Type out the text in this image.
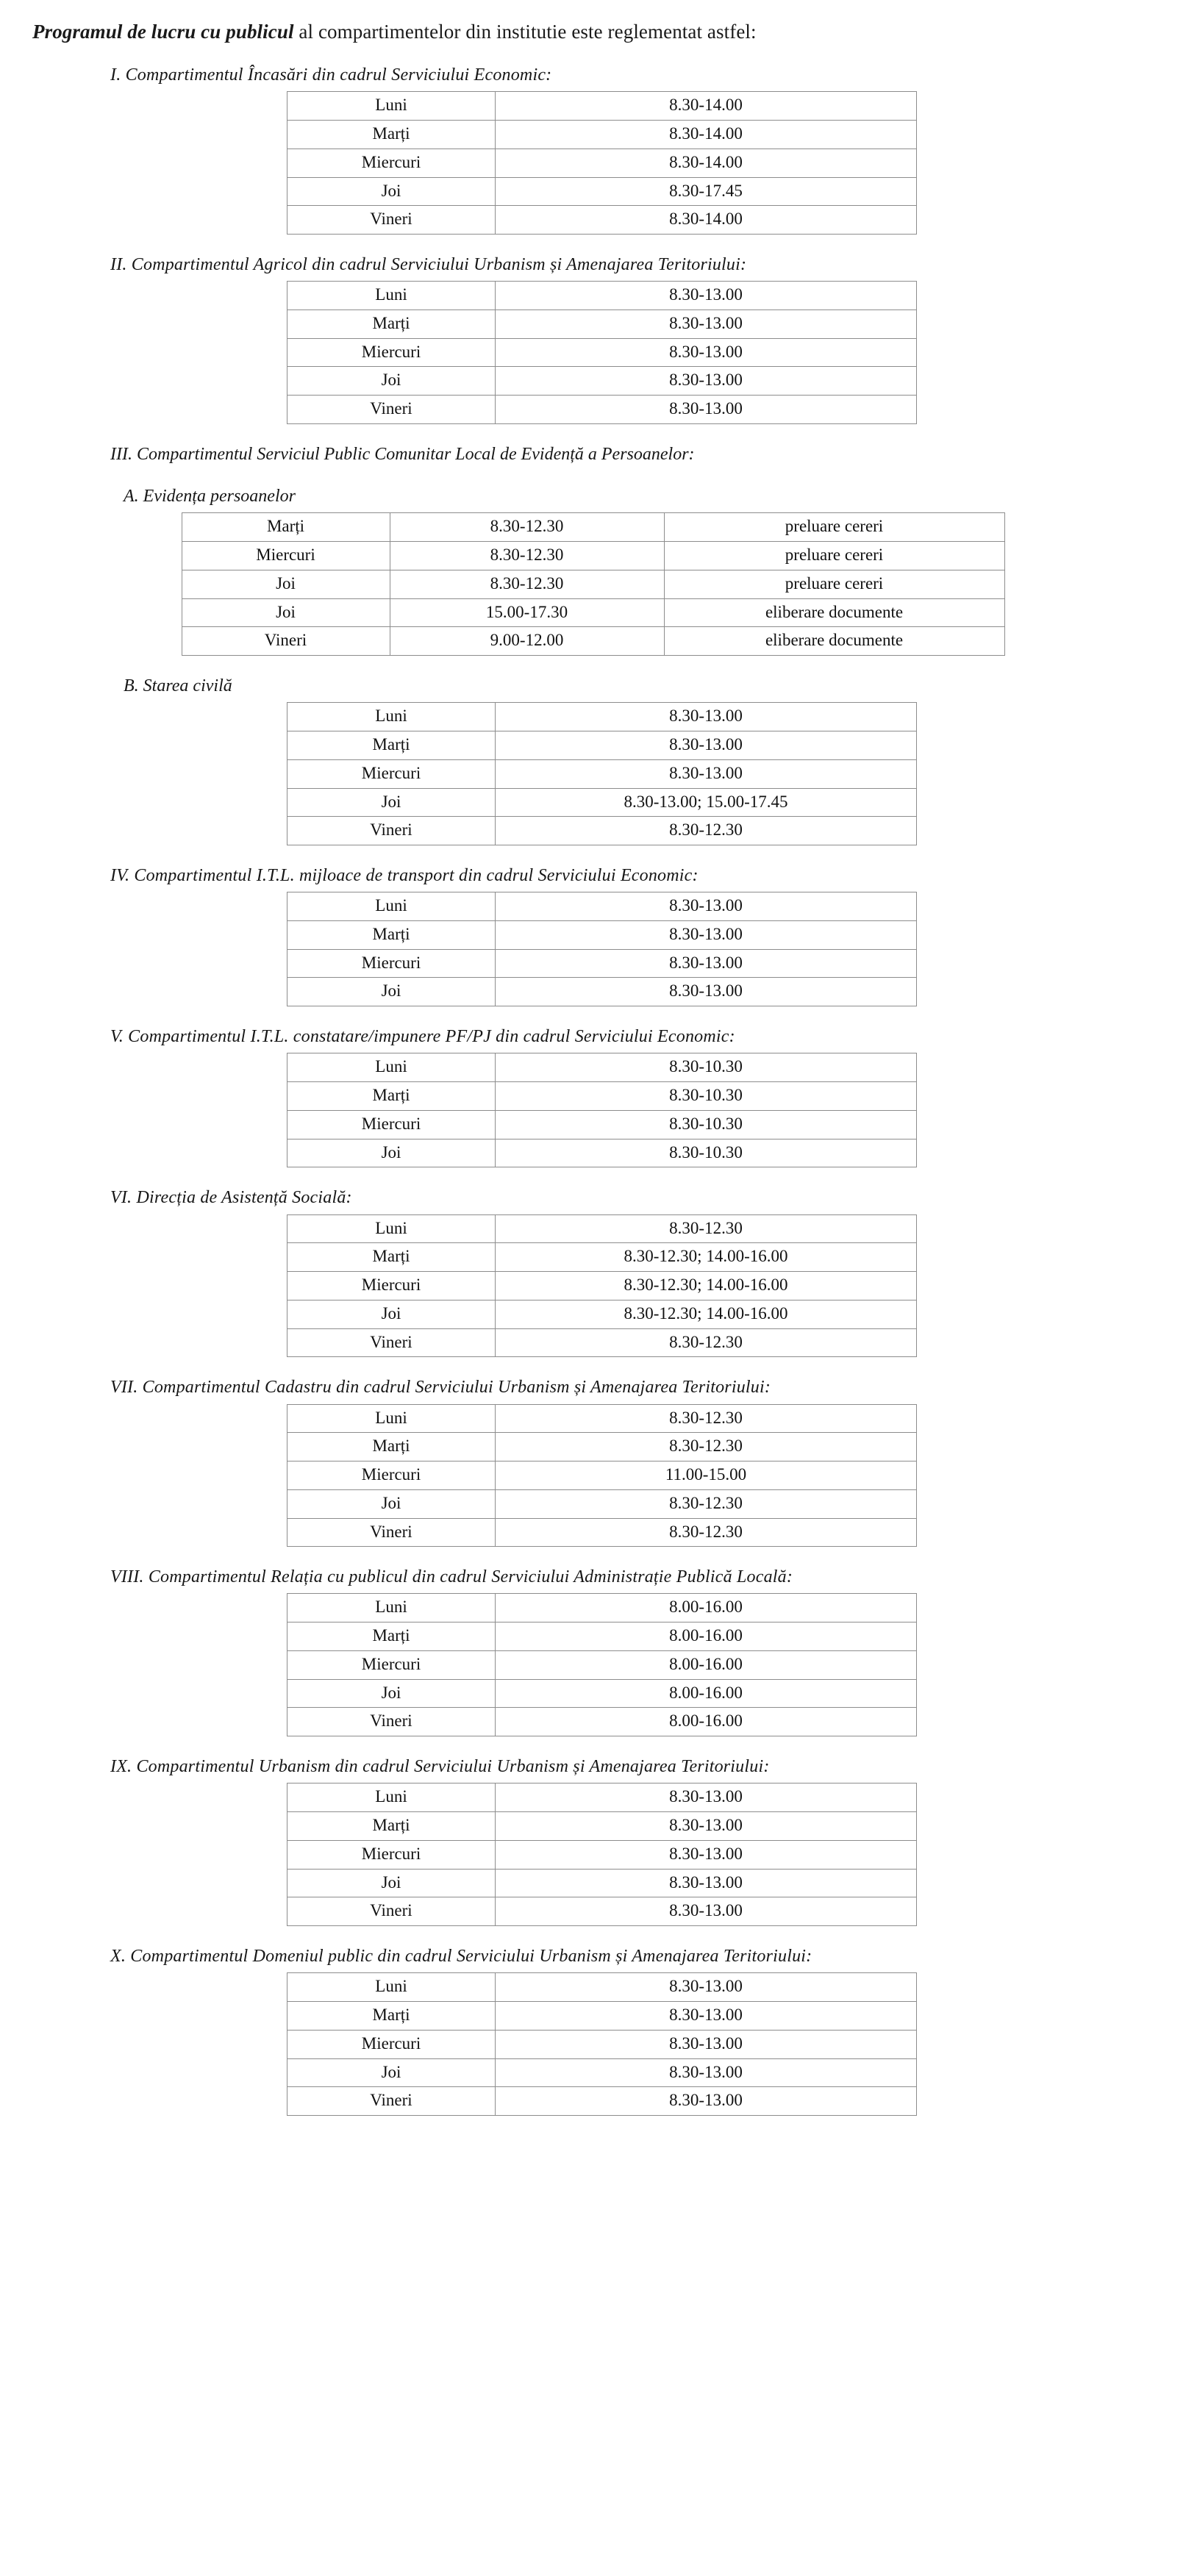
Programul de lucru cu publicul al compartimentelor din institutie este reglementat astfel:

I. Compartimentul Încasări din cadrul Serviciului Economic:
Luni	8.30-14.00
Marți	8.30-14.00
Miercuri	8.30-14.00
Joi	8.30-17.45
Vineri	8.30-14.00
II. Compartimentul Agricol din cadrul Serviciului Urbanism și Amenajarea Teritoriului:
Luni	8.30-13.00
Marți	8.30-13.00
Miercuri	8.30-13.00
Joi	8.30-13.00
Vineri	8.30-13.00
III. Compartimentul Serviciul Public Comunitar Local de Evidență a Persoanelor:
A. Evidența persoanelor
Marți	8.30-12.30	preluare cereri
Miercuri	8.30-12.30	preluare cereri
Joi	8.30-12.30	preluare cereri
Joi	15.00-17.30	eliberare documente
Vineri	9.00-12.00	eliberare documente
B. Starea civilă
Luni	8.30-13.00
Marți	8.30-13.00
Miercuri	8.30-13.00
Joi	8.30-13.00; 15.00-17.45
Vineri	8.30-12.30
IV. Compartimentul I.T.L. mijloace de transport din cadrul Serviciului Economic:
Luni	8.30-13.00
Marți	8.30-13.00
Miercuri	8.30-13.00
Joi	8.30-13.00
V. Compartimentul I.T.L. constatare/impunere PF/PJ din cadrul Serviciului Economic:
Luni	8.30-10.30
Marți	8.30-10.30
Miercuri	8.30-10.30
Joi	8.30-10.30
VI. Direcția de Asistență Socială:
Luni	8.30-12.30
Marți	8.30-12.30; 14.00-16.00
Miercuri	8.30-12.30; 14.00-16.00
Joi	8.30-12.30; 14.00-16.00
Vineri	8.30-12.30
VII. Compartimentul Cadastru din cadrul Serviciului Urbanism și Amenajarea Teritoriului:
Luni	8.30-12.30
Marți	8.30-12.30
Miercuri	11.00-15.00
Joi	8.30-12.30
Vineri	8.30-12.30
VIII. Compartimentul Relația cu publicul din cadrul Serviciului Administrație Publică Locală:
Luni	8.00-16.00
Marți	8.00-16.00
Miercuri	8.00-16.00
Joi	8.00-16.00
Vineri	8.00-16.00
IX. Compartimentul Urbanism din cadrul Serviciului Urbanism și Amenajarea Teritoriului:
Luni	8.30-13.00
Marți	8.30-13.00
Miercuri	8.30-13.00
Joi	8.30-13.00
Vineri	8.30-13.00
X. Compartimentul Domeniul public din cadrul Serviciului Urbanism și Amenajarea Teritoriului:
Luni	8.30-13.00
Marți	8.30-13.00
Miercuri	8.30-13.00
Joi	8.30-13.00
Vineri	8.30-13.00
